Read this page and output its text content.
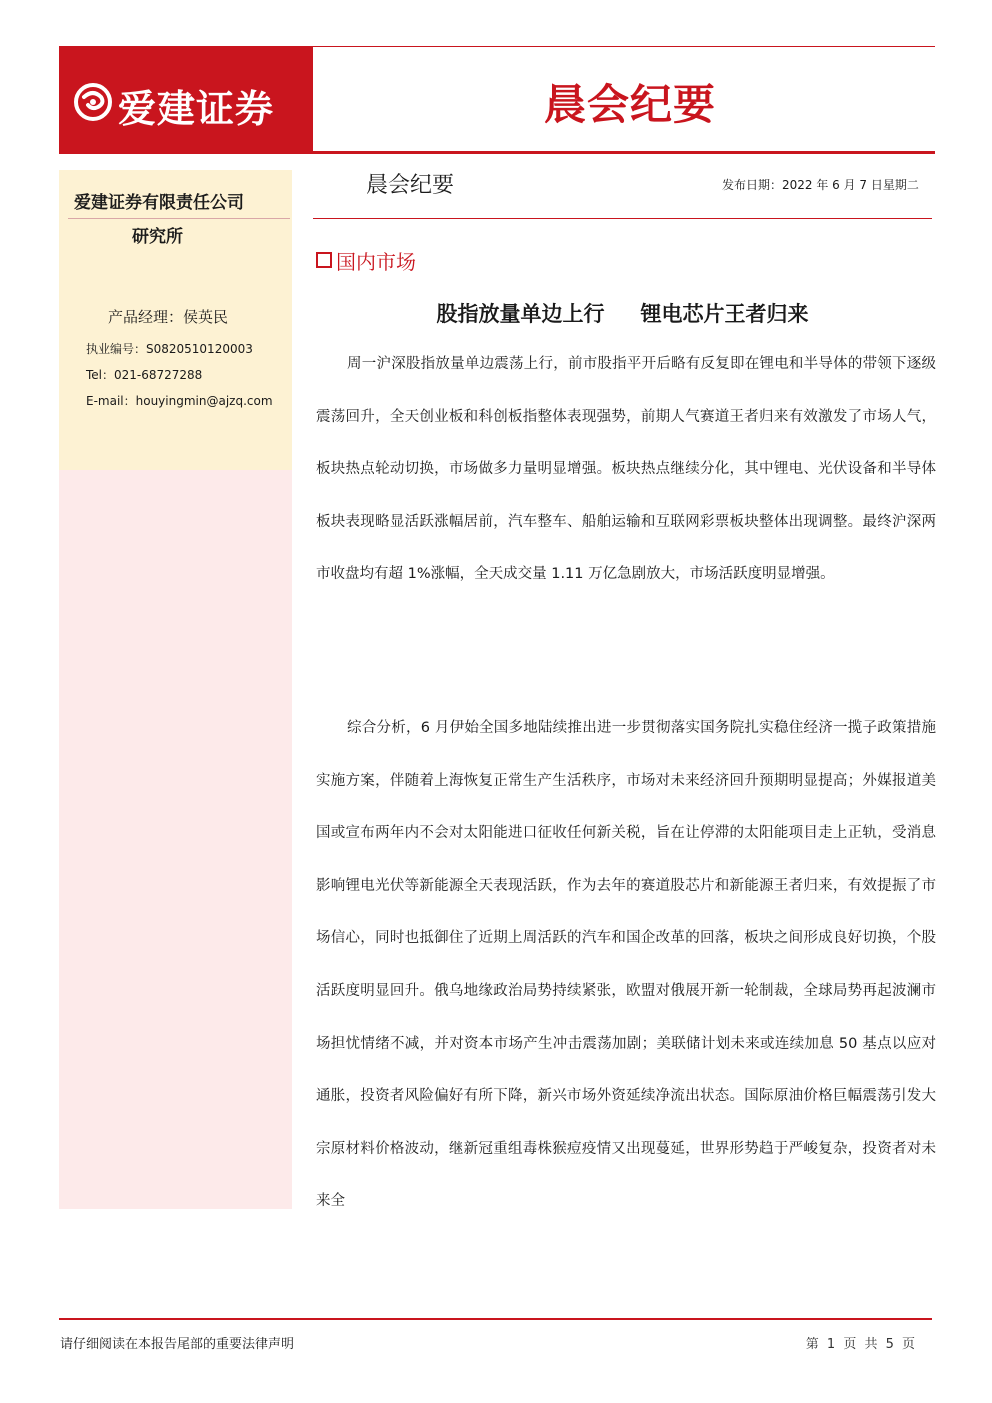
爱建证券	晨会纪要
爱建证券有限责任公司
研究所
产品经理：侯英民
执业编号：S0820510120003
Tel：021-68727288
E-mail：houyingmin@ajzq.com
晨会纪要	发布日期：2022 年 6 月 7 日星期二
国内市场
股指放量单边上行 锂电芯片王者归来

周一沪深股指放量单边震荡上行，前市股指平开后略有反复即在锂电和半导体的带领下逐级震荡回升，全天创业板和科创板指整体表现强势，前期人气赛道王者归来有效激发了市场人气，板块热点轮动切换，市场做多力量明显增强。板块热点继续分化，其中锂电、光伏设备和半导体板块表现略显活跃涨幅居前，汽车整车、船舶运输和互联网彩票板块整体出现调整。最终沪深两市收盘均有超 1%涨幅，全天成交量 1.11 万亿急剧放大，市场活跃度明显增强。

综合分析，6 月伊始全国多地陆续推出进一步贯彻落实国务院扎实稳住经济一揽子政策措施实施方案，伴随着上海恢复正常生产生活秩序，市场对未来经济回升预期明显提高；外媒报道美国或宣布两年内不会对太阳能进口征收任何新关税，旨在让停滞的太阳能项目走上正轨，受消息影响锂电光伏等新能源全天表现活跃，作为去年的赛道股芯片和新能源王者归来，有效提振了市场信心，同时也抵御住了近期上周活跃的汽车和国企改革的回落，板块之间形成良好切换，个股活跃度明显回升。俄乌地缘政治局势持续紧张，欧盟对俄展开新一轮制裁，全球局势再起波澜市场担忧情绪不减，并对资本市场产生冲击震荡加剧；美联储计划未来或连续加息 50 基点以应对通胀，投资者风险偏好有所下降，新兴市场外资延续净流出状态。国际原油价格巨幅震荡引发大宗原材料价格波动，继新冠重组毒株猴痘疫情又出现蔓延，世界形势趋于严峻复杂，投资者对未来全

请仔细阅读在本报告尾部的重要法律声明	第 1 页 共 5 页
